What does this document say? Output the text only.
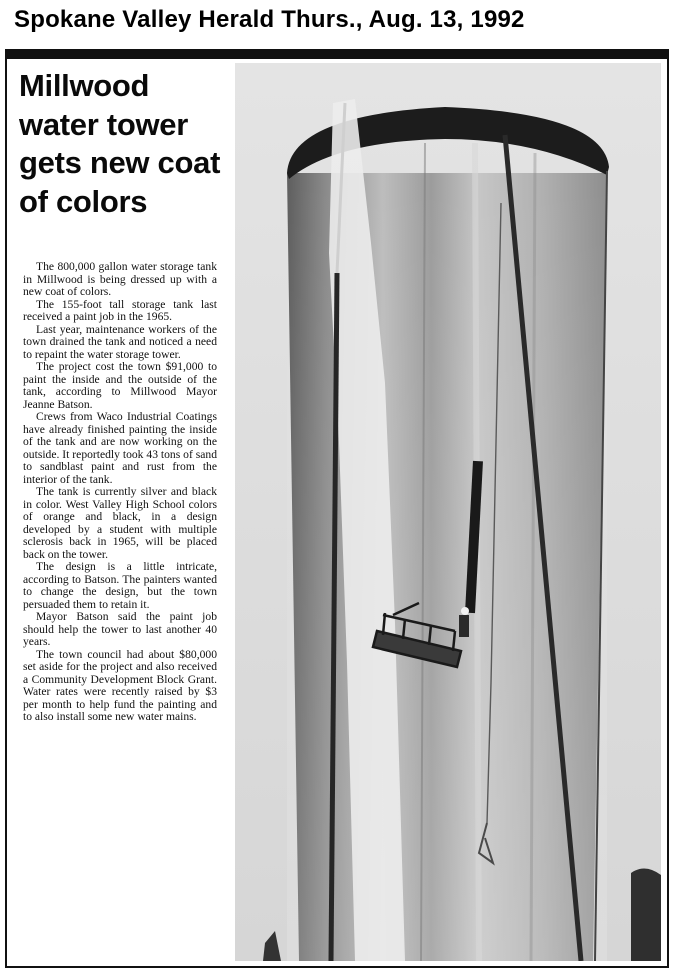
Spokane Valley Herald Thurs., Aug. 13, 1992
Millwood water tower gets new coat of colors

The 800,000 gallon water storage tank in Millwood is being dressed up with a new coat of colors.

The 155-foot tall storage tank last received a paint job in the 1965.

Last year, maintenance workers of the town drained the tank and noticed a need to repaint the water storage tower.

The project cost the town $91,000 to paint the inside and the outside of the tank, according to Millwood Mayor Jeanne Batson.

Crews from Waco Industrial Coatings have already finished painting the inside of the tank and are now working on the outside. It reportedly took 43 tons of sand to sandblast paint and rust from the interior of the tank.

The tank is currently silver and black in color. West Valley High School colors of orange and black, in a design developed by a student with multiple sclerosis back in 1965, will be placed back on the tower.

The design is a little intricate, according to Batson. The painters wanted to change the design, but the town persuaded them to retain it.

Mayor Batson said the paint job should help the tower to last another 40 years.

The town council had about $80,000 set aside for the project and also received a Community Development Block Grant. Water rates were recently raised by $3 per month to help fund the painting and to also install some new water mains.
